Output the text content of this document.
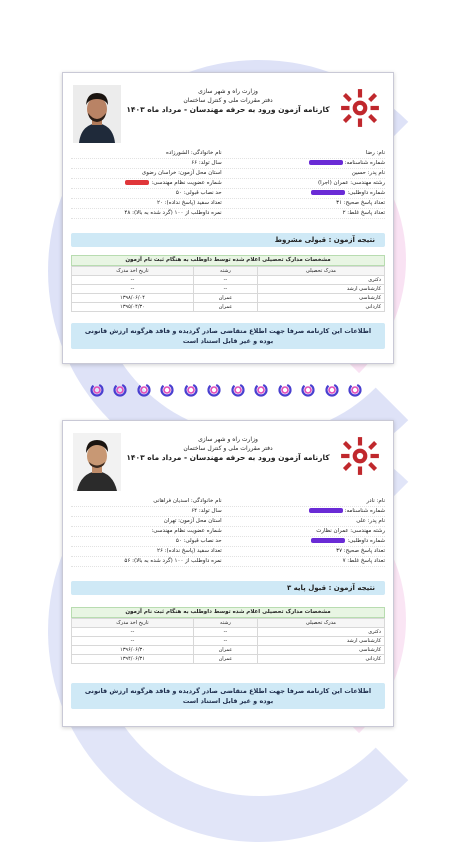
وزارت راه و شهر سازی
دفتر مقررات ملی و کنترل ساختمان
کارنامه آزمون ورود به حرفه مهندسان - مرداد ماه ۱۴۰۳
نام: رضا
نام خانوادگی: الشورزاده
شماره شناسنامه:
سال تولد: ۶۶
نام پدر: حسین
استان محل آزمون: خراسان رضوی
رشته مهندسی: عمران (اجرا)
شماره عضویت نظام مهندسی:
شماره داوطلبی:
حد نصاب قبولی: ۵۰
تعداد پاسخ صحیح: ۳۱
تعداد سفید (پاسخ نداده): ۲۰
تعداد پاسخ غلط: ۲
نمره داوطلب از ۱۰۰ (گرد شده به بالا): ۴۸
نتیجه آزمون : قبولی مشروط
مشخصات مدارک تحصیلی اعلام شده توسط داوطلب به هنگام ثبت نام آزمون
مدرک تحصیلی	رشته	تاریخ اخذ مدرک
دکتری	--	--
کارشناسی ارشد	--	--
کارشناسی	عمران	۱۳۹۸/۰۶/۰۴
کاردانی	عمران	۱۳۹۵/۰۴/۳۰
اطلاعات این کارنامه صرفا جهت اطلاع متقاضی صادر گردیده و فاقد هرگونه ارزش قانونی بوده و غیر قابل استناد است
وزارت راه و شهر سازی
دفتر مقررات ملی و کنترل ساختمان
کارنامه آزمون ورود به حرفه مهندسان - مرداد ماه ۱۴۰۳
نام: نادر
نام خانوادگی: اسدیان فراهانی
شماره شناسنامه:
سال تولد: ۶۴
نام پدر: علی
استان محل آزمون: تهران
رشته مهندسی: عمران نظارت
شماره عضویت نظام مهندسی:
شماره داوطلبی:
حد نصاب قبولی: ۵۰
تعداد پاسخ صحیح: ۳۷
تعداد سفید (پاسخ نداده): ۲۶
تعداد پاسخ غلط: ۷
نمره داوطلب از ۱۰۰ (گرد شده به بالا): ۵۶
نتیجه آزمون : قبول پایه ۳
مشخصات مدارک تحصیلی اعلام شده توسط داوطلب به هنگام ثبت نام آزمون
مدرک تحصیلی	رشته	تاریخ اخذ مدرک
دکتری	--	--
کارشناسی ارشد	--	--
کارشناسی	عمران	۱۳۹۶/۰۶/۳۰
کاردانی	عمران	۱۳۹۴/۰۶/۳۱
اطلاعات این کارنامه صرفا جهت اطلاع متقاضی صادر گردیده و فاقد هرگونه ارزش قانونی بوده و غیر قابل استناد است
